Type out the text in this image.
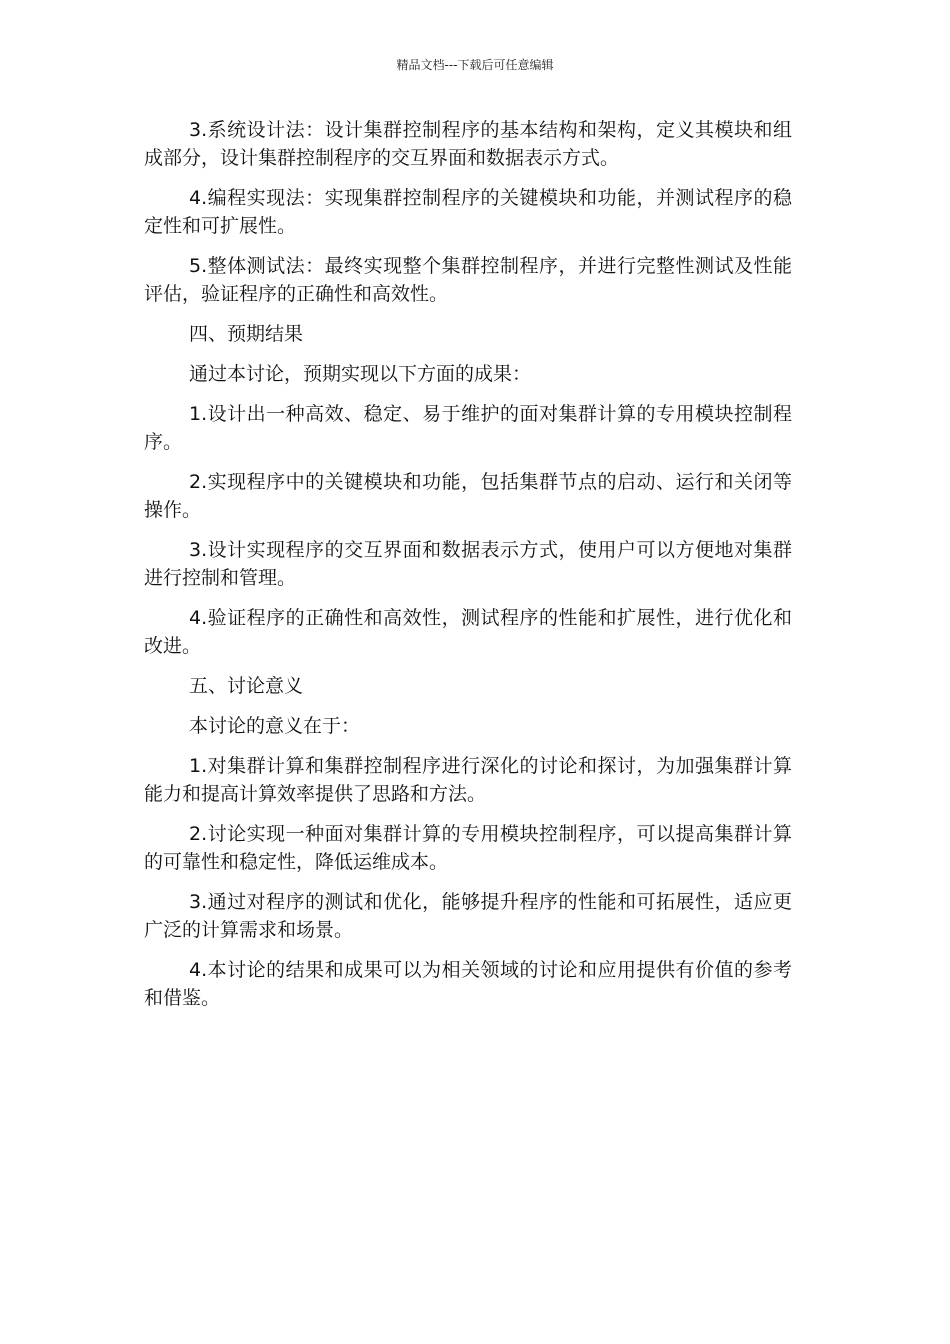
精品文档---下载后可任意编辑

3.系统设计法：设计集群控制程序的基本结构和架构，定义其模块和组成部分，设计集群控制程序的交互界面和数据表示方式。

4.编程实现法：实现集群控制程序的关键模块和功能，并测试程序的稳定性和可扩展性。

5.整体测试法：最终实现整个集群控制程序，并进行完整性测试及性能评估，验证程序的正确性和高效性。

四、预期结果

通过本讨论，预期实现以下方面的成果：

1.设计出一种高效、稳定、易于维护的面对集群计算的专用模块控制程序。

2.实现程序中的关键模块和功能，包括集群节点的启动、运行和关闭等操作。

3.设计实现程序的交互界面和数据表示方式，使用户可以方便地对集群进行控制和管理。

4.验证程序的正确性和高效性，测试程序的性能和扩展性，进行优化和改进。

五、讨论意义

本讨论的意义在于：

1.对集群计算和集群控制程序进行深化的讨论和探讨，为加强集群计算能力和提高计算效率提供了思路和方法。

2.讨论实现一种面对集群计算的专用模块控制程序，可以提高集群计算的可靠性和稳定性，降低运维成本。

3.通过对程序的测试和优化，能够提升程序的性能和可拓展性，适应更广泛的计算需求和场景。

4.本讨论的结果和成果可以为相关领域的讨论和应用提供有价值的参考和借鉴。
